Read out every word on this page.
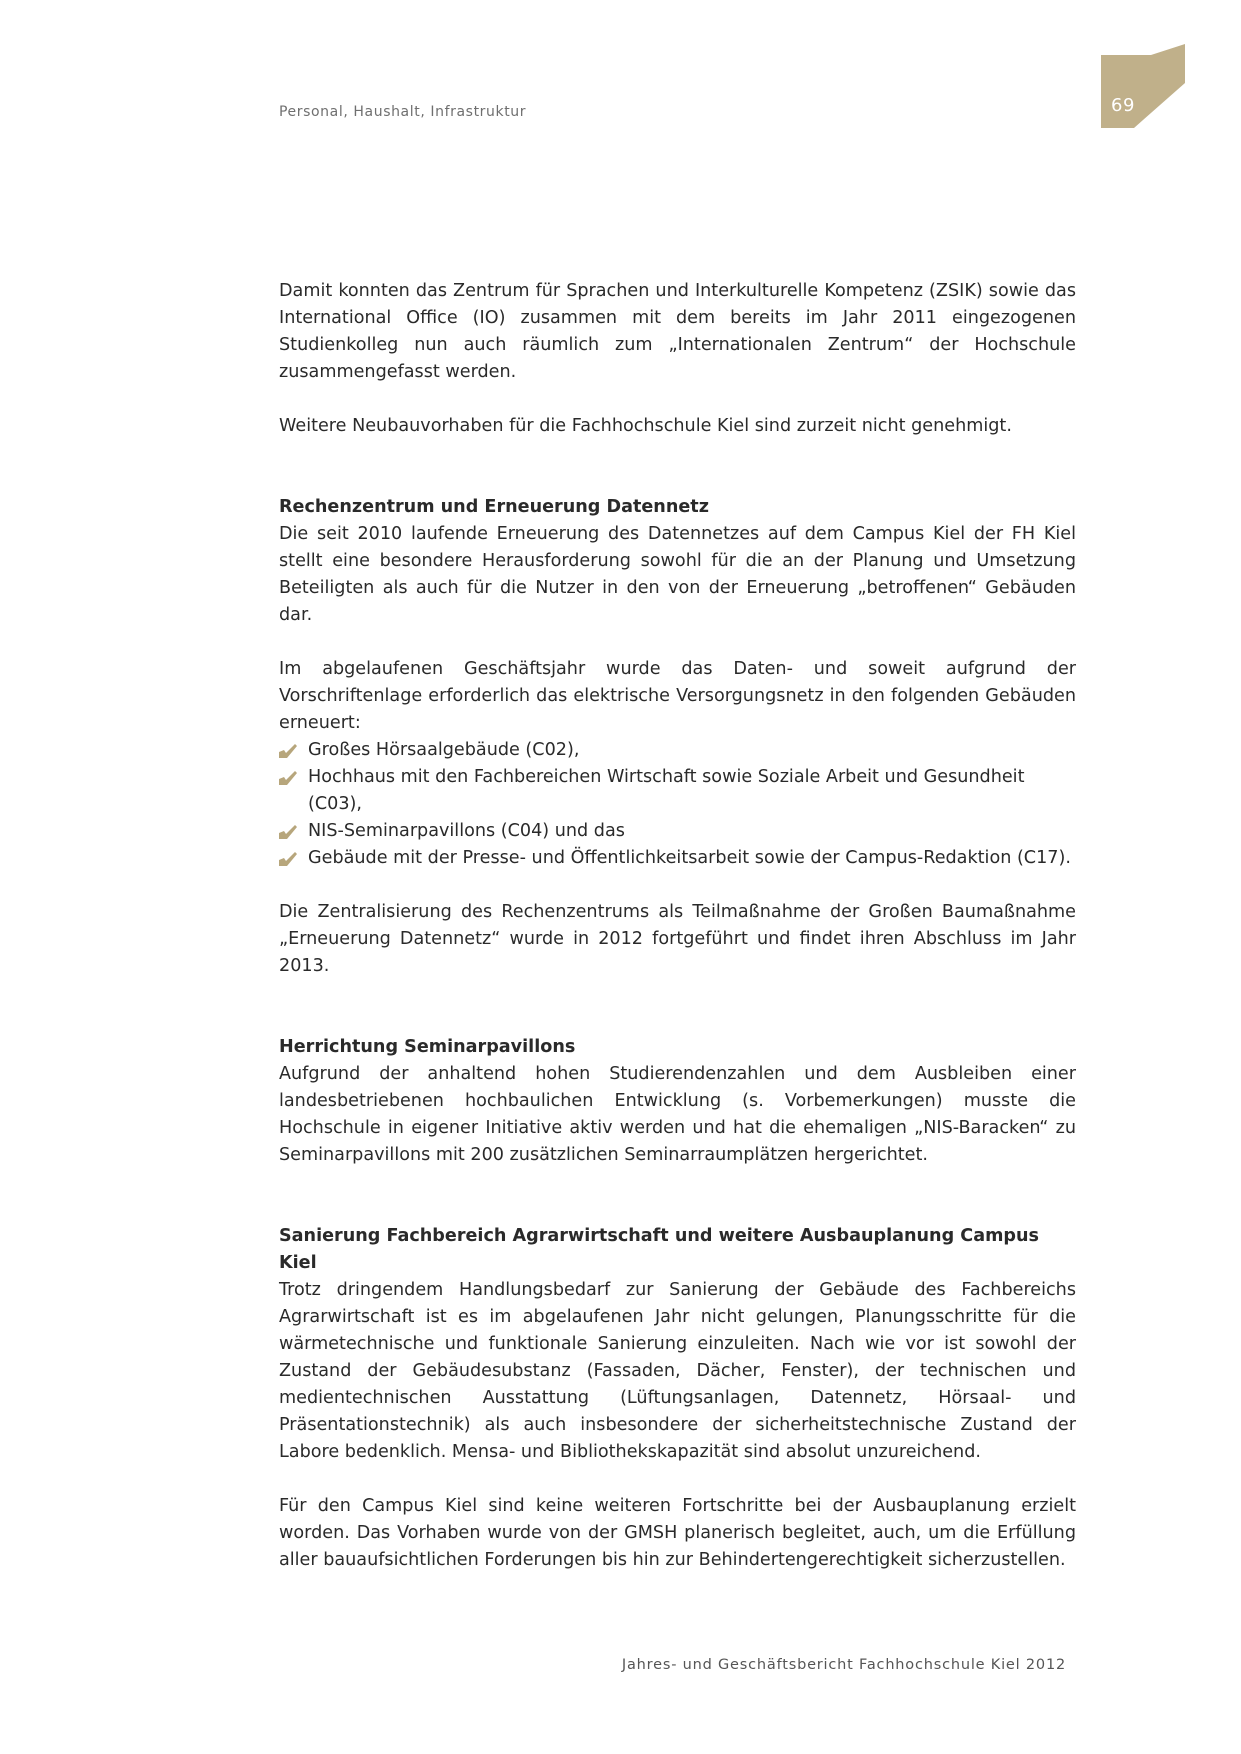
Personal, Haushalt, Infrastruktur	69

Damit konnten das Zentrum für Sprachen und Interkulturelle Kompetenz (ZSIK) sowie das International Office (IO) zusammen mit dem bereits im Jahr 2011 eingezogenen Studienkolleg nun auch räumlich zum „Internationalen Zentrum“ der Hochschule zusammengefasst werden.

Weitere Neubauvorhaben für die Fachhochschule Kiel sind zurzeit nicht genehmigt.

Rechenzentrum und Erneuerung Datennetz

Die seit 2010 laufende Erneuerung des Datennetzes auf dem Campus Kiel der FH Kiel stellt eine besondere Herausforderung sowohl für die an der Planung und Umsetzung Beteiligten als auch für die Nutzer in den von der Erneuerung „betroffenen“ Gebäuden dar.

Im abgelaufenen Geschäftsjahr wurde das Daten- und soweit aufgrund der Vorschriftenlage erforderlich das elektrische Versorgungsnetz in den folgenden Gebäuden erneuert:

Großes Hörsaalgebäude (C02),
Hochhaus mit den Fachbereichen Wirtschaft sowie Soziale Arbeit und Gesundheit (C03),
NIS-Seminarpavillons (C04) und das
Gebäude mit der Presse- und Öffentlichkeitsarbeit sowie der Campus-Redaktion (C17).

Die Zentralisierung des Rechenzentrums als Teilmaßnahme der Großen Baumaßnahme „Erneuerung Datennetz“ wurde in 2012 fortgeführt und findet ihren Abschluss im Jahr 2013.

Herrichtung Seminarpavillons

Aufgrund der anhaltend hohen Studierendenzahlen und dem Ausbleiben einer landesbetriebenen hochbaulichen Entwicklung (s. Vorbemerkungen) musste die Hochschule in eigener Initiative aktiv werden und hat die ehemaligen „NIS-Baracken“ zu Seminarpavillons mit 200 zusätzlichen Seminarraumplätzen hergerichtet.

Sanierung Fachbereich Agrarwirtschaft und weitere Ausbauplanung Campus Kiel

Trotz dringendem Handlungsbedarf zur Sanierung der Gebäude des Fachbereichs Agrarwirtschaft ist es im abgelaufenen Jahr nicht gelungen, Planungsschritte für die wärmetechnische und funktionale Sanierung einzuleiten. Nach wie vor ist sowohl der Zustand der Gebäudesubstanz (Fassaden, Dächer, Fenster), der technischen und medientechnischen Ausstattung (Lüftungsanlagen, Datennetz, Hörsaal- und Präsentationstechnik) als auch insbesondere der sicherheitstechnische Zustand der Labore bedenklich. Mensa- und Bibliothekskapazität sind absolut unzureichend.

Für den Campus Kiel sind keine weiteren Fortschritte bei der Ausbauplanung erzielt worden. Das Vorhaben wurde von der GMSH planerisch begleitet, auch, um die Erfüllung aller bauaufsichtlichen Forderungen bis hin zur Behindertengerechtigkeit sicherzustellen.

Jahres- und Geschäftsbericht Fachhochschule Kiel 2012
